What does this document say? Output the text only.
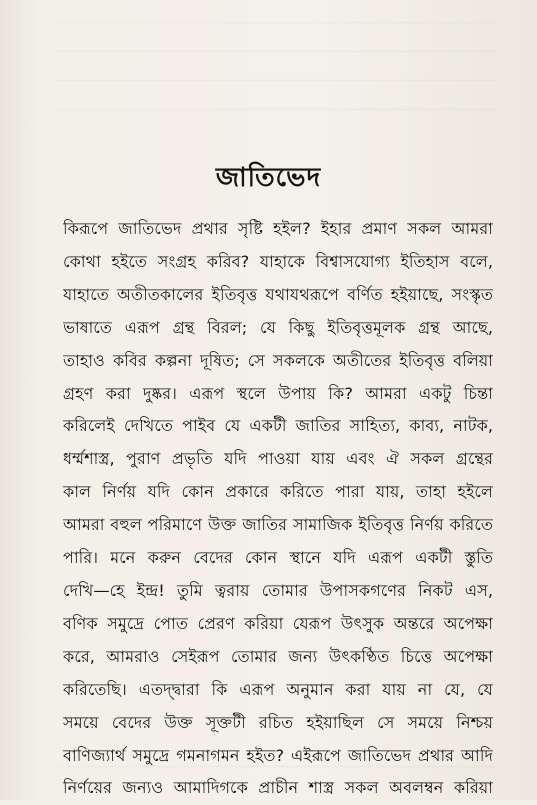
জাতিভেদ
কিরূপে জাতিভেদ প্রথার সৃষ্টি হইল? ইহার প্রমাণ সকল আমরা
কোথা হইতে সংগ্রহ করিব? যাহাকে বিশ্বাসযোগ্য ইতিহাস বলে,
যাহাতে অতীতকালের ইতিবৃত্ত যথাযথরূপে বর্ণিত হইয়াছে, সংস্কৃত
ভাষাতে এরূপ গ্রন্থ বিরল; যে কিছু ইতিবৃত্তমূলক গ্রন্থ আছে,
তাহাও কবির কল্পনা দূষিত; সে সকলকে অতীতের ইতিবৃত্ত বলিয়া
গ্রহণ করা দুষ্কর। এরূপ স্থলে উপায় কি? আমরা একটু চিন্তা
করিলেই দেখিতে পাইব যে একটী জাতির সাহিত্য, কাব্য, নাটক,
ধর্ম্মশাস্ত্র, পুরাণ প্রভৃতি যদি পাওয়া যায় এবং ঐ সকল গ্রন্থের
কাল নির্ণয় যদি কোন প্রকারে করিতে পারা যায়, তাহা হইলে
আমরা বহুল পরিমাণে উক্ত জাতির সামাজিক ইতিবৃত্ত নির্ণয় করিতে
পারি। মনে করুন বেদের কোন স্থানে যদি এরূপ একটী স্তুতি
দেখি—হে ইন্দ্র! তুমি ত্বরায় তোমার উপাসকগণের নিকট এস,
বণিক সমুদ্রে পোত প্রেরণ করিয়া যেরূপ উৎসুক অন্তরে অপেক্ষা
করে, আমরাও সেইরূপ তোমার জন্য উৎকণ্ঠিত চিত্তে অপেক্ষা
করিতেছি। এতদ্দ্বারা কি এরূপ অনুমান করা যায় না যে, যে
সময়ে বেদের উক্ত সূক্তটী রচিত হইয়াছিল সে সময়ে নিশ্চয়
বাণিজ্যার্থ সমুদ্রে গমনাগমন হইত? এইরূপে জাতিভেদ প্রথার আদি
নির্ণয়ের জন্যও আমাদিগকে প্রাচীন শাস্ত্র সকল অবলম্বন করিয়া
